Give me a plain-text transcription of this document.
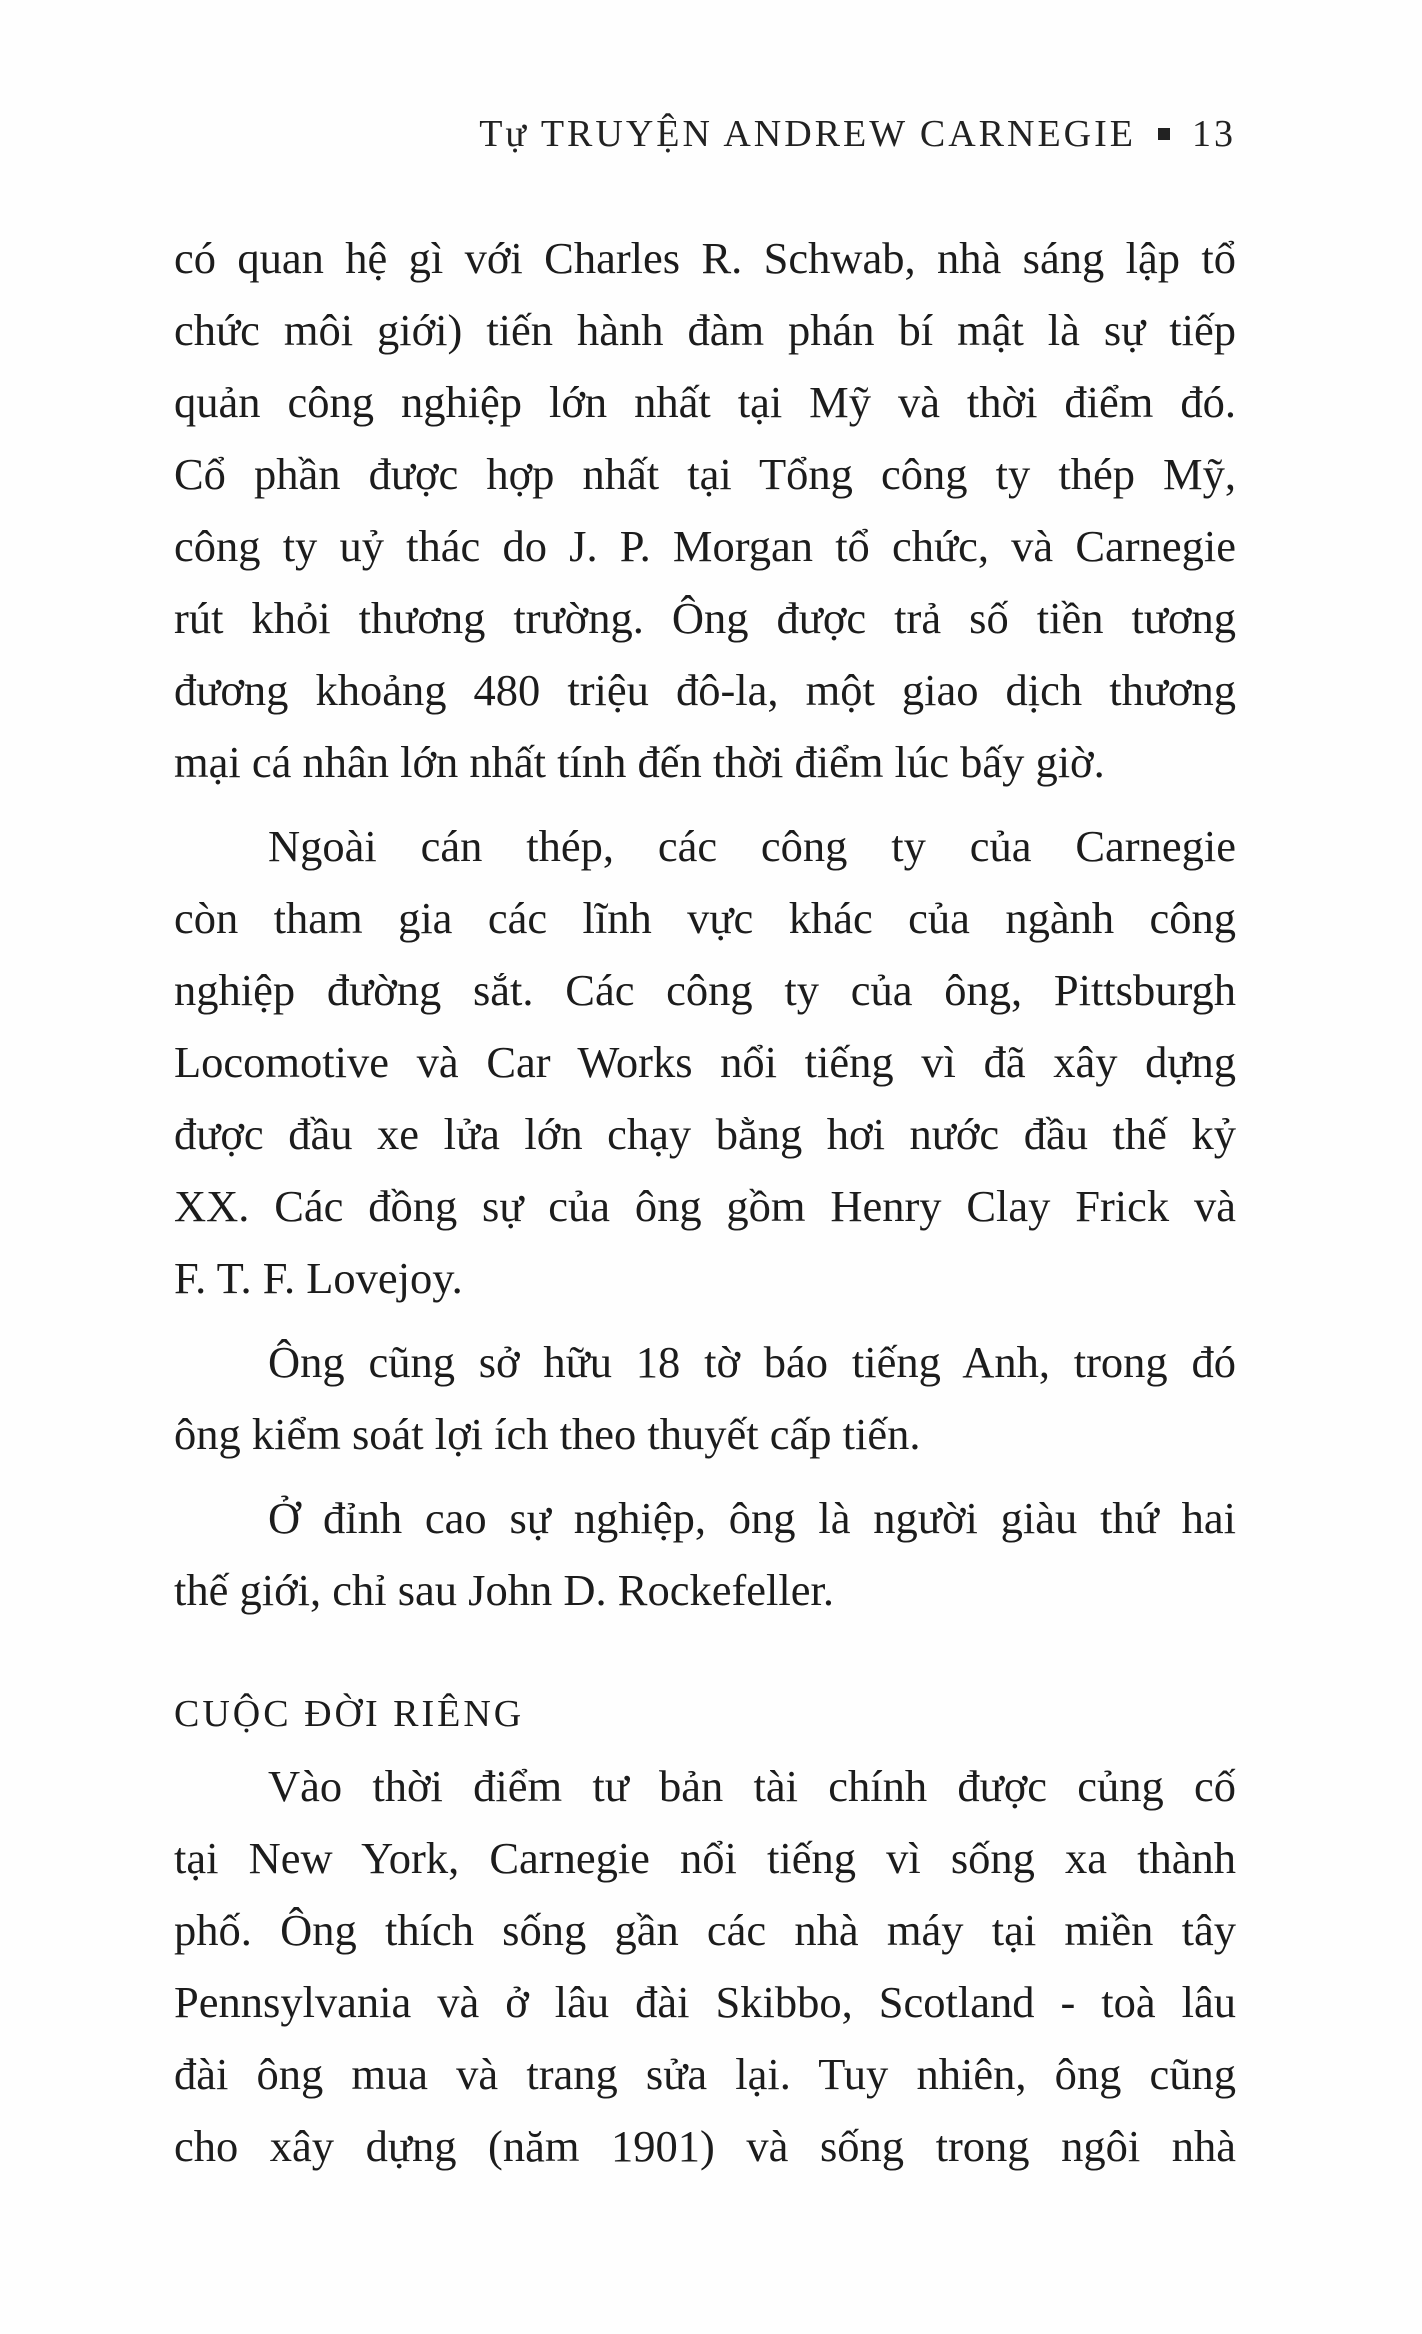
Tự TRUYỆN ANDREW CARNEGIE 13
có quan hệ gì với Charles R. Schwab, nhà sáng lập tổ
chức môi giới) tiến hành đàm phán bí mật là sự tiếp
quản công nghiệp lớn nhất tại Mỹ và thời điểm đó.
Cổ phần được hợp nhất tại Tổng công ty thép Mỹ,
công ty uỷ thác do J. P. Morgan tổ chức, và Carnegie
rút khỏi thương trường. Ông được trả số tiền tương
đương khoảng 480 triệu đô-la, một giao dịch thương
mại cá nhân lớn nhất tính đến thời điểm lúc bấy giờ.
Ngoài cán thép, các công ty của Carnegie
còn tham gia các lĩnh vực khác của ngành công
nghiệp đường sắt. Các công ty của ông, Pittsburgh
Locomotive và Car Works nổi tiếng vì đã xây dựng
được đầu xe lửa lớn chạy bằng hơi nước đầu thế kỷ
XX. Các đồng sự của ông gồm Henry Clay Frick và
F. T. F. Lovejoy.
Ông cũng sở hữu 18 tờ báo tiếng Anh, trong đó
ông kiểm soát lợi ích theo thuyết cấp tiến.
Ở đỉnh cao sự nghiệp, ông là người giàu thứ hai
thế giới, chỉ sau John D. Rockefeller.
CUỘC ĐỜI RIÊNG
Vào thời điểm tư bản tài chính được củng cố
tại New York, Carnegie nổi tiếng vì sống xa thành
phố. Ông thích sống gần các nhà máy tại miền tây
Pennsylvania và ở lâu đài Skibbo, Scotland - toà lâu
đài ông mua và trang sửa lại. Tuy nhiên, ông cũng
cho xây dựng (năm 1901) và sống trong ngôi nhà
